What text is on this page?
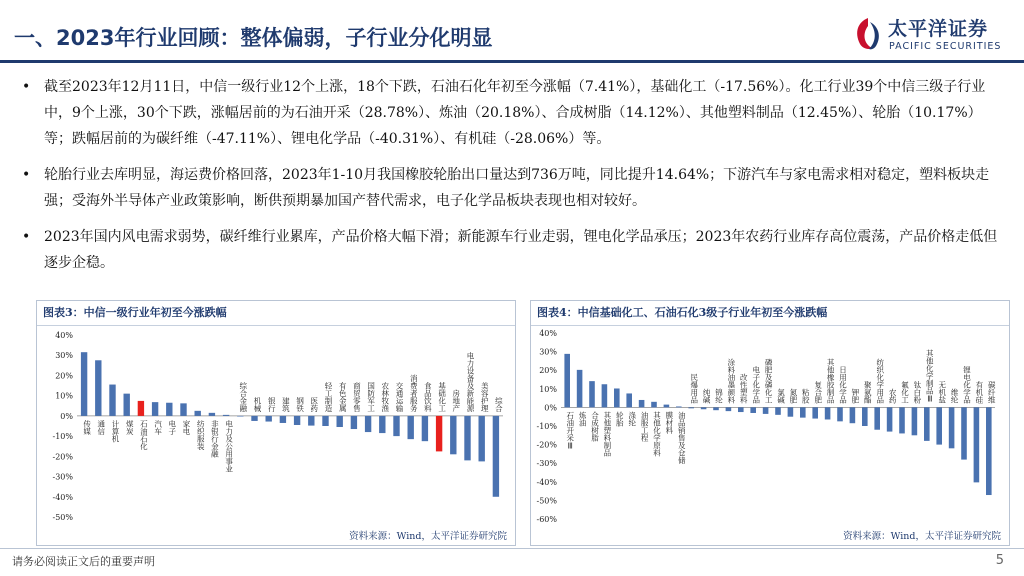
一、2023年行业回顾：整体偏弱，子行业分化明显	太平洋证券
PACIFIC SECURITIES
• 截至2023年12月11日，中信一级行业12个上涨，18个下跌，石油石化年初至今涨幅（7.41%），基础化工（-17.56%）。化工行业39个中信三级子行业中，9个上涨，30个下跌，涨幅居前的为石油开采（28.78%）、炼油（20.18%）、合成树脂（14.12%）、其他塑料制品（12.45%）、轮胎（10.17%）等；跌幅居前的为碳纤维（-47.11%）、锂电化学品（-40.31%）、有机硅（-28.06%）等。
• 轮胎行业去库明显，海运费价格回落，2023年1-10月我国橡胶轮胎出口量达到736万吨，同比提升14.64%；下游汽车与家电需求相对稳定，塑料板块走强；受海外半导体产业政策影响，断供预期暴加国产替代需求，电子化学品板块表现也相对较好。
• 2023年国内风电需求弱势，碳纤维行业累库，产品价格大幅下滑；新能源车行业走弱，锂电化学品承压；2023年农药行业库存高位震荡，产品价格走低但逐步企稳。
图表3：中信一级行业年初至今涨跌幅
40%
30%
20%
10%
0%
-10%
-20%
-30%
-40%
-50%
传媒 通信 计算机 煤炭 石油石化 汽车 电子 家电 纺织服装 非银行金融 电力及公用事业
综合金融 机械 银行 建筑 钢铁 医药 轻工制造 有色金属 商贸零售 国防军工 农林牧渔 交通运输 消费者服务 食品饮料 基础化工 房地产 电力设备及新能源 美容护理 综合
资料来源：Wind，太平洋证券研究院
图表4：中信基础化工、石油石化3级子行业年初至今涨跌幅
40%
30%
20%
10%
0%
-10%
-20%
-30%
-40%
-50%
-60%
石油开采Ⅲ 炼油 合成树脂 其他塑料制品 轮胎 涤纶 油服工程 其他化学原料 膜材料 油品销售及仓储
民爆用品 纯碱 锦纶 涂料油墨颜料 改性塑料 电子化学品 磷肥及磷化工 氯碱 氮肥 粘胶 复合肥 其他橡胶制品 日用化学品 钾肥 聚氨酯 纺织化学用品 农药 氟化工 钛白粉 其他化学制品Ⅲ 无机盐 维纶 锂电化学品 有机硅 碳纤维
资料来源：Wind，太平洋证券研究院
请务必阅读正文后的重要声明	5
